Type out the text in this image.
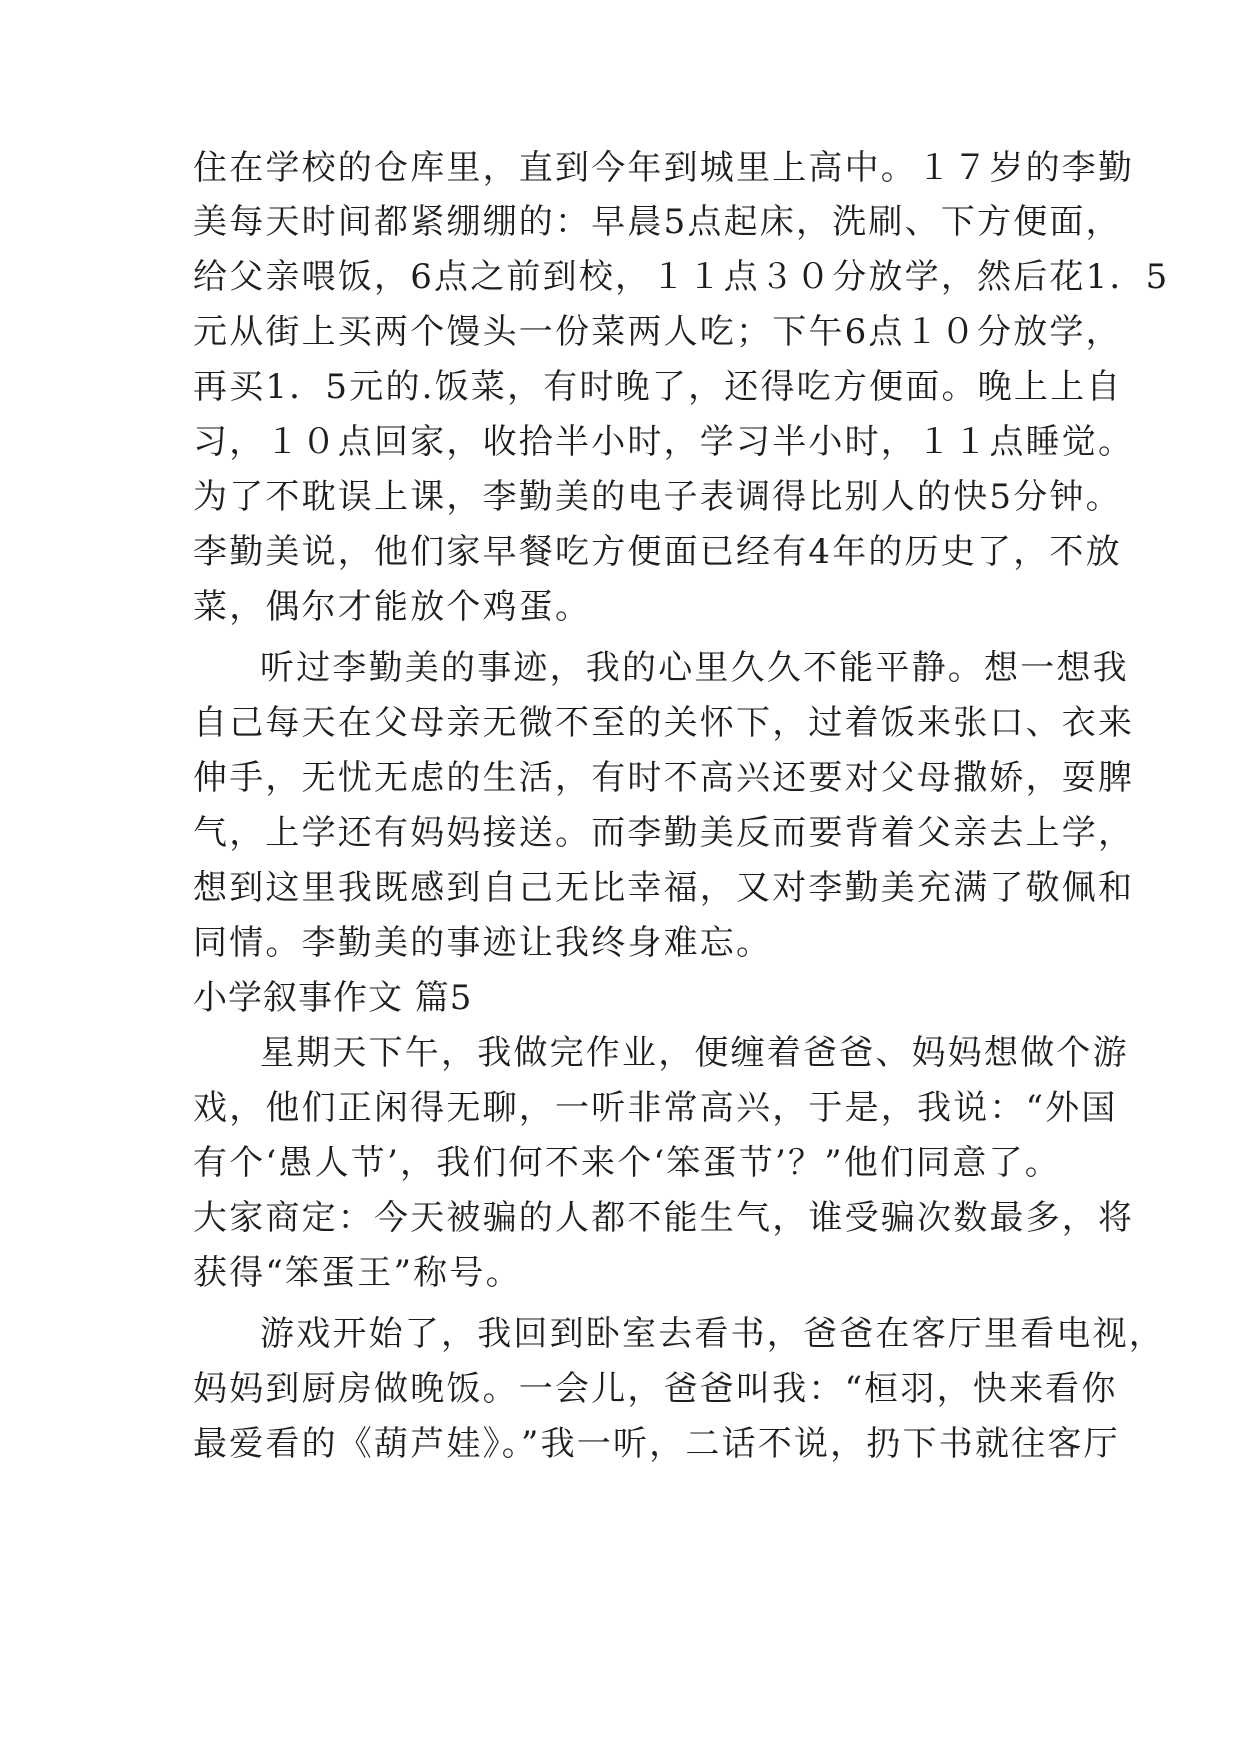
住在学校的仓库里，直到今年到城里上高中。１７岁的李勤
美每天时间都紧绷绷的：早晨5点起床，洗刷、下方便面，
给父亲喂饭，6点之前到校，１１点３０分放学，然后花1．5
元从街上买两个馒头一份菜两人吃；下午6点１０分放学，
再买1．5元的.饭菜，有时晚了，还得吃方便面。晚上上自
习，１０点回家，收拾半小时，学习半小时，１１点睡觉。
为了不耽误上课，李勤美的电子表调得比别人的快5分钟。
李勤美说，他们家早餐吃方便面已经有4年的历史了，不放
菜，偶尔才能放个鸡蛋。
听过李勤美的事迹，我的心里久久不能平静。想一想我
自己每天在父母亲无微不至的关怀下，过着饭来张口、衣来
伸手，无忧无虑的生活，有时不高兴还要对父母撒娇，耍脾
气，上学还有妈妈接送。而李勤美反而要背着父亲去上学，
想到这里我既感到自己无比幸福，又对李勤美充满了敬佩和
同情。李勤美的事迹让我终身难忘。
小学叙事作文 篇5
星期天下午，我做完作业，便缠着爸爸、妈妈想做个游
戏，他们正闲得无聊，一听非常高兴，于是，我说：“外国
有个‘愚人节’，我们何不来个‘笨蛋节’？”他们同意了。
大家商定：今天被骗的人都不能生气，谁受骗次数最多，将
获得“笨蛋王”称号。
游戏开始了，我回到卧室去看书，爸爸在客厅里看电视，
妈妈到厨房做晚饭。一会儿，爸爸叫我：“桓羽，快来看你
最爱看的《葫芦娃》。”我一听，二话不说，扔下书就往客厅
